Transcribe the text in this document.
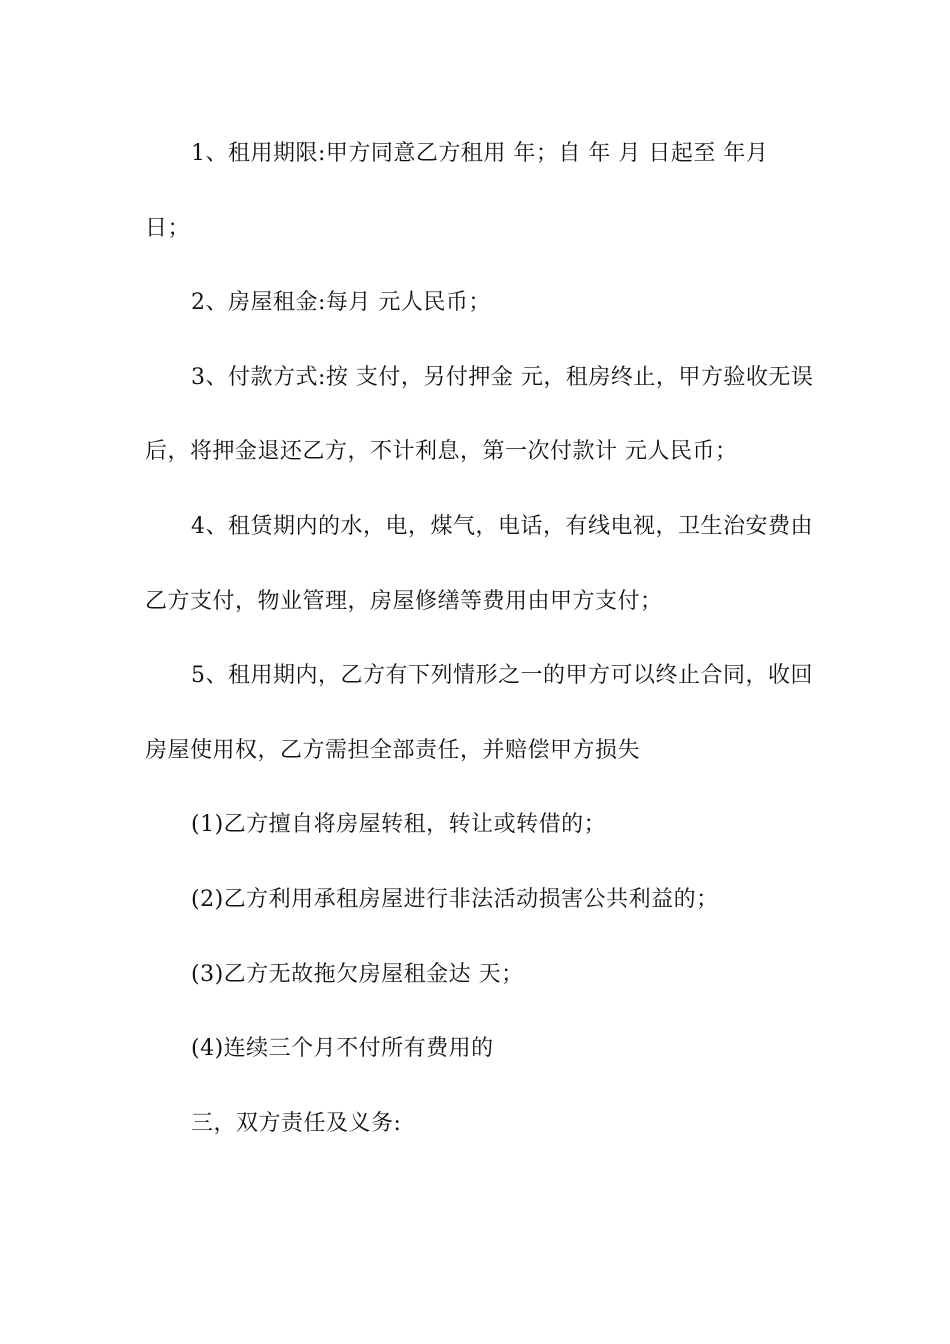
1、租用期限:甲方同意乙方租用 年；自 年 月 日起至 年月 日；

2、房屋租金:每月 元人民币；

3、付款方式:按 支付，另付押金 元，租房终止，甲方验收无误后，将押金退还乙方，不计利息，第一次付款计 元人民币；

4、租赁期内的水，电，煤气，电话，有线电视，卫生治安费由乙方支付，物业管理，房屋修缮等费用由甲方支付；

5、租用期内，乙方有下列情形之一的甲方可以终止合同，收回房屋使用权，乙方需担全部责任，并赔偿甲方损失

(1)乙方擅自将房屋转租，转让或转借的；

(2)乙方利用承租房屋进行非法活动损害公共利益的；

(3)乙方无故拖欠房屋租金达 天；

(4)连续三个月不付所有费用的

三，双方责任及义务:
